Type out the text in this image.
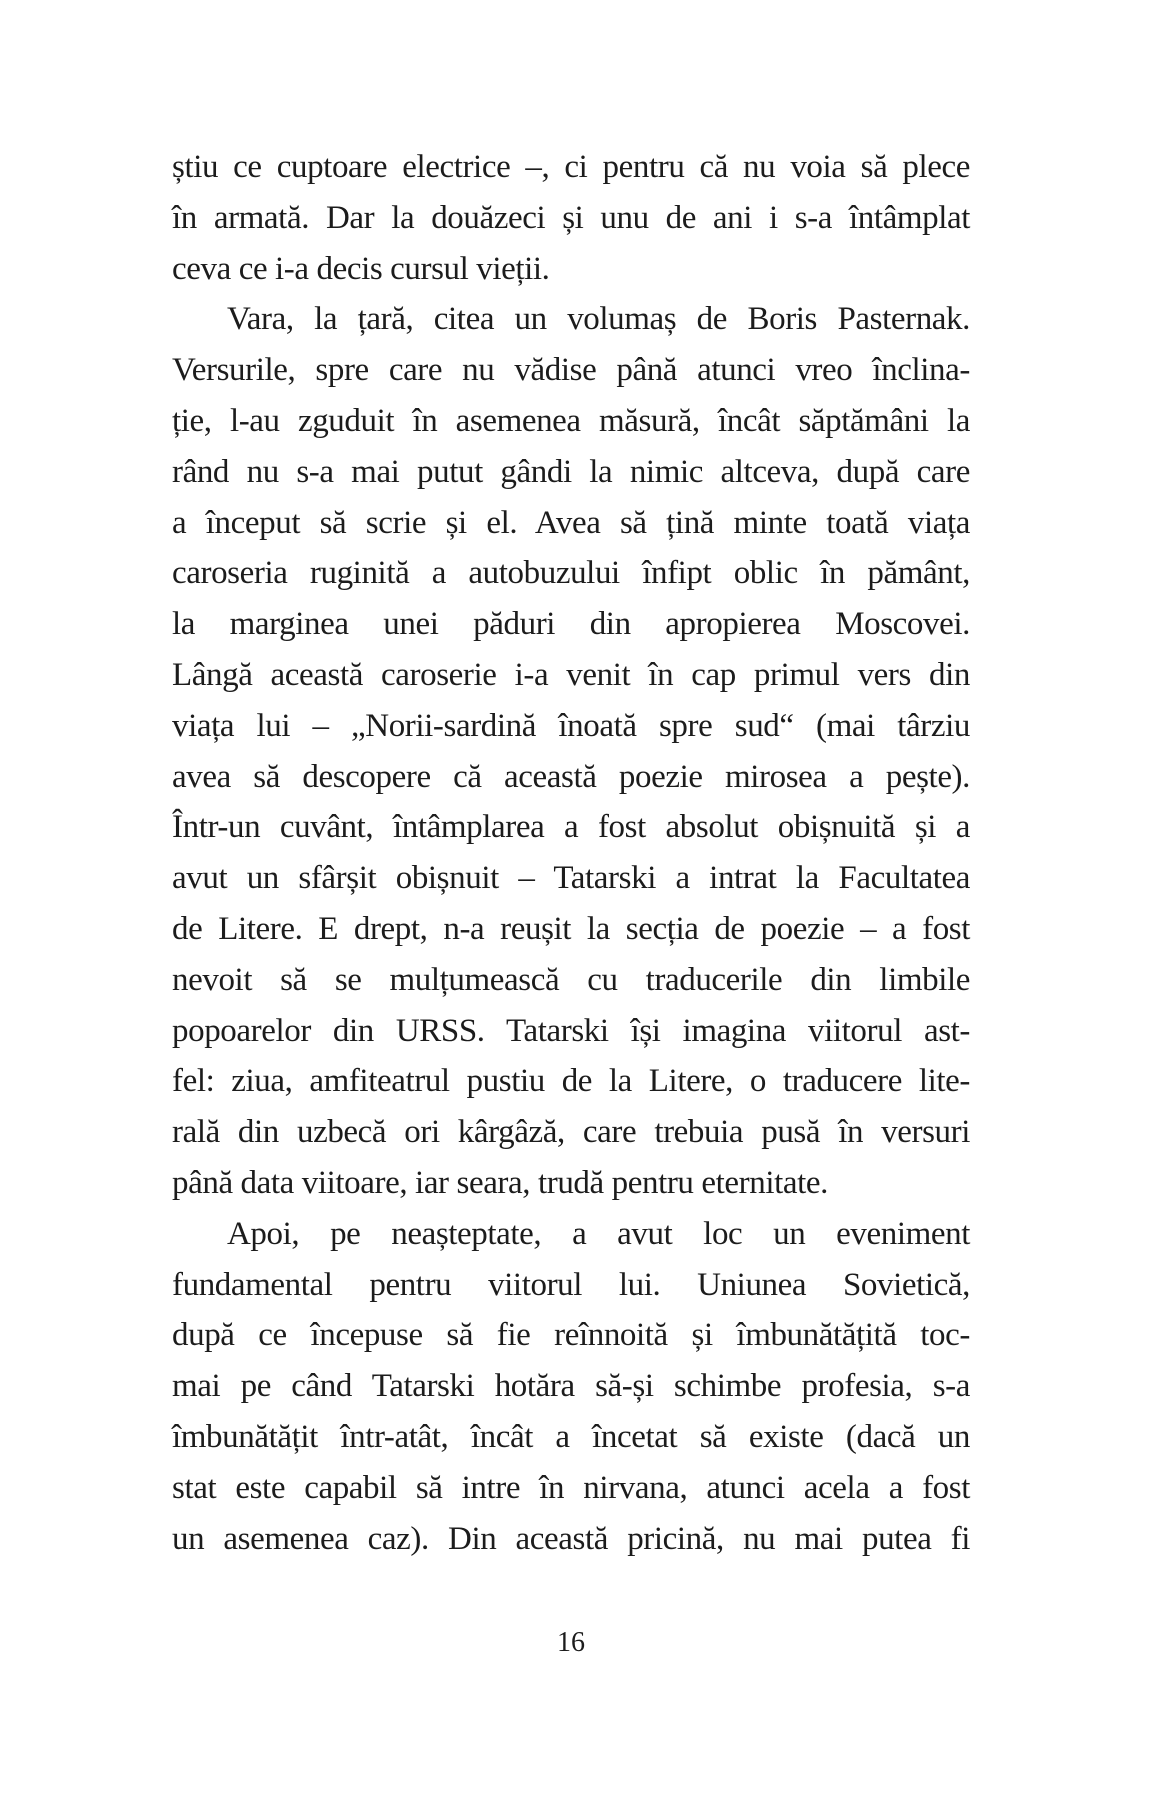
știu ce cuptoare electrice –, ci pentru că nu voia să plece
în armată. Dar la douăzeci și unu de ani i s-a întâmplat
ceva ce i-a decis cursul vieții.
Vara, la țară, citea un volumaș de Boris Pasternak.
Versurile, spre care nu vădise până atunci vreo înclina-
ție, l-au zguduit în asemenea măsură, încât săptămâni la
rând nu s-a mai putut gândi la nimic altceva, după care
a început să scrie și el. Avea să țină minte toată viața
caroseria ruginită a autobuzului înfipt oblic în pământ,
la marginea unei păduri din apropierea Moscovei.
Lângă această caroserie i-a venit în cap primul vers din
viața lui – „Norii-sardină înoată spre sud“ (mai târziu
avea să descopere că această poezie mirosea a pește).
Într-un cuvânt, întâmplarea a fost absolut obișnuită și a
avut un sfârșit obișnuit – Tatarski a intrat la Facultatea
de Litere. E drept, n-a reușit la secția de poezie – a fost
nevoit să se mulțumească cu traducerile din limbile
popoarelor din URSS. Tatarski își imagina viitorul ast-
fel: ziua, amfiteatrul pustiu de la Litere, o traducere lite-
rală din uzbecă ori kârgâză, care trebuia pusă în versuri
până data viitoare, iar seara, trudă pentru eternitate.
Apoi, pe neașteptate, a avut loc un eveniment
fundamental pentru viitorul lui. Uniunea Sovietică,
după ce începuse să fie reînnoită și îmbunătățită toc-
mai pe când Tatarski hotăra să-și schimbe profesia, s-a
îmbunătățit într-atât, încât a încetat să existe (dacă un
stat este capabil să intre în nirvana, atunci acela a fost
un asemenea caz). Din această pricină, nu mai putea fi
16
